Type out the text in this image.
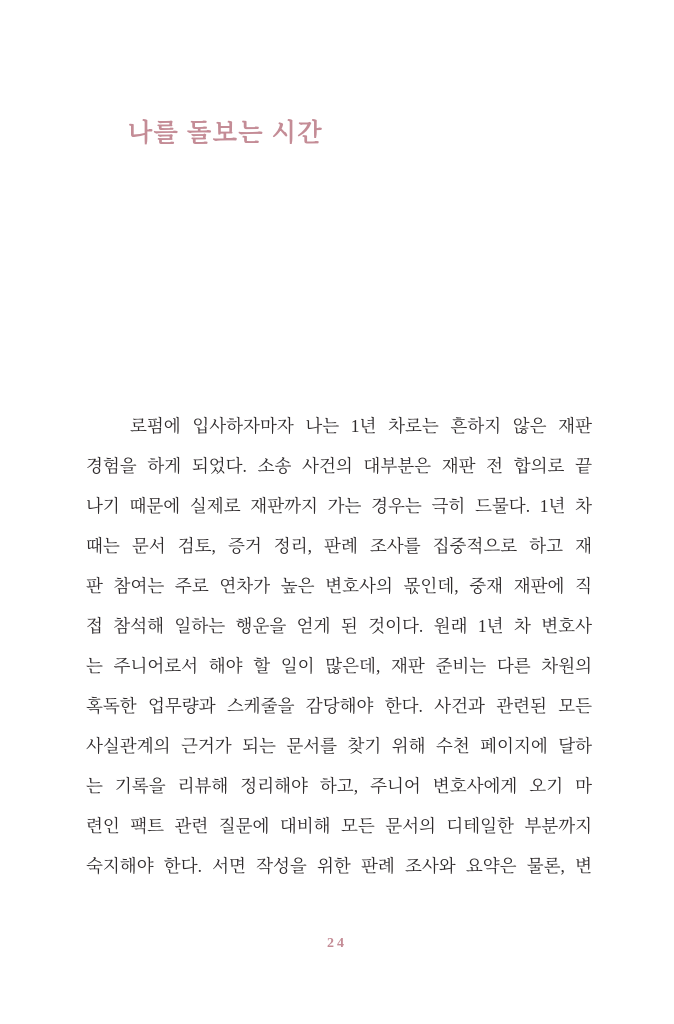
나를 돌보는 시간
로펌에 입사하자마자 나는 1년 차로는 흔하지 않은 재판
경험을 하게 되었다. 소송 사건의 대부분은 재판 전 합의로 끝
나기 때문에 실제로 재판까지 가는 경우는 극히 드물다. 1년 차
때는 문서 검토, 증거 정리, 판례 조사를 집중적으로 하고 재
판 참여는 주로 연차가 높은 변호사의 몫인데, 중재 재판에 직
접 참석해 일하는 행운을 얻게 된 것이다. 원래 1년 차 변호사
는 주니어로서 해야 할 일이 많은데, 재판 준비는 다른 차원의
혹독한 업무량과 스케줄을 감당해야 한다. 사건과 관련된 모든
사실관계의 근거가 되는 문서를 찾기 위해 수천 페이지에 달하
는 기록을 리뷰해 정리해야 하고, 주니어 변호사에게 오기 마
련인 팩트 관련 질문에 대비해 모든 문서의 디테일한 부분까지
숙지해야 한다. 서면 작성을 위한 판례 조사와 요약은 물론, 변
24
